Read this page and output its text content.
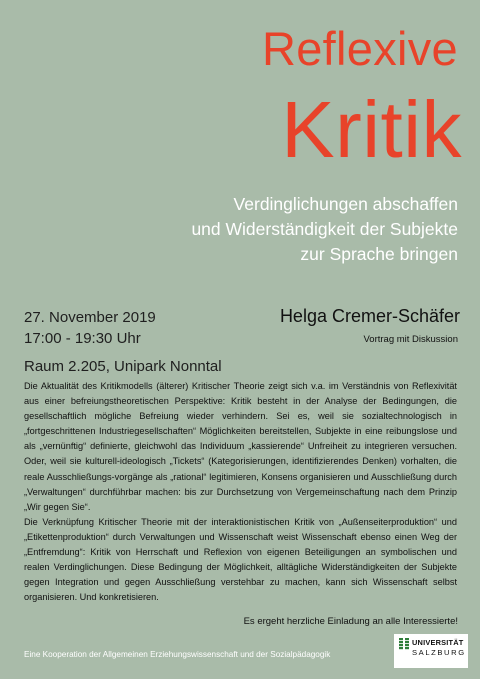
Reflexive
Kritik
Verdinglichungen abschaffen
und Widerständigkeit der Subjekte
zur Sprache bringen
27. November 2019
17:00 - 19:30 Uhr
Raum 2.205, Unipark Nonntal
Helga Cremer-Schäfer
Vortrag mit Diskussion

Die Aktualität des Kritikmodells (älterer) Kritischer Theorie zeigt sich v.a. im Verständnis von Reflexivität aus einer befreiungstheoretischen Perspektive: Kritik besteht in der Analyse der Bedingungen, die gesellschaftlich mögliche Befreiung wieder verhindern. Sei es, weil sie sozialtechnologisch in „fortgeschrittenen Industriegesellschaften“ Möglichkeiten bereitstellen, Subjekte in eine reibungslose und als „vernünftig“ definierte, gleichwohl das Individuum „kassierende“ Unfreiheit zu integrieren versuchen. Oder, weil sie kulturell-ideologisch „Tickets“ (Kategorisierungen, identifizierendes Denken) vorhalten, die reale Ausschließungs-vorgänge als „rational“ legitimieren, Konsens organisieren und Ausschließung durch „Verwaltungen“ durchführbar machen: bis zur Durchsetzung von Vergemeinschaftung nach dem Prinzip „Wir gegen Sie“.

Die Verknüpfung Kritischer Theorie mit der interaktionistischen Kritik von „Außenseiterproduktion“ und „Etikettenproduktion“ durch Verwaltungen und Wissenschaft weist Wissenschaft ebenso einen Weg der „Entfremdung“: Kritik von Herrschaft und Reflexion von eigenen Beteiligungen an symbolischen und realen Verdinglichungen. Diese Bedingung der Möglichkeit, alltägliche Widerständigkeiten der Subjekte gegen Integration und gegen Ausschließung verstehbar zu machen, kann sich Wissenschaft selbst organisieren. Und konkretisieren.

Es ergeht herzliche Einladung an alle Interessierte!
Eine Kooperation der Allgemeinen Erziehungswissenschaft und der Sozialpädagogik
UNIVERSITÄT
SALZBURG
